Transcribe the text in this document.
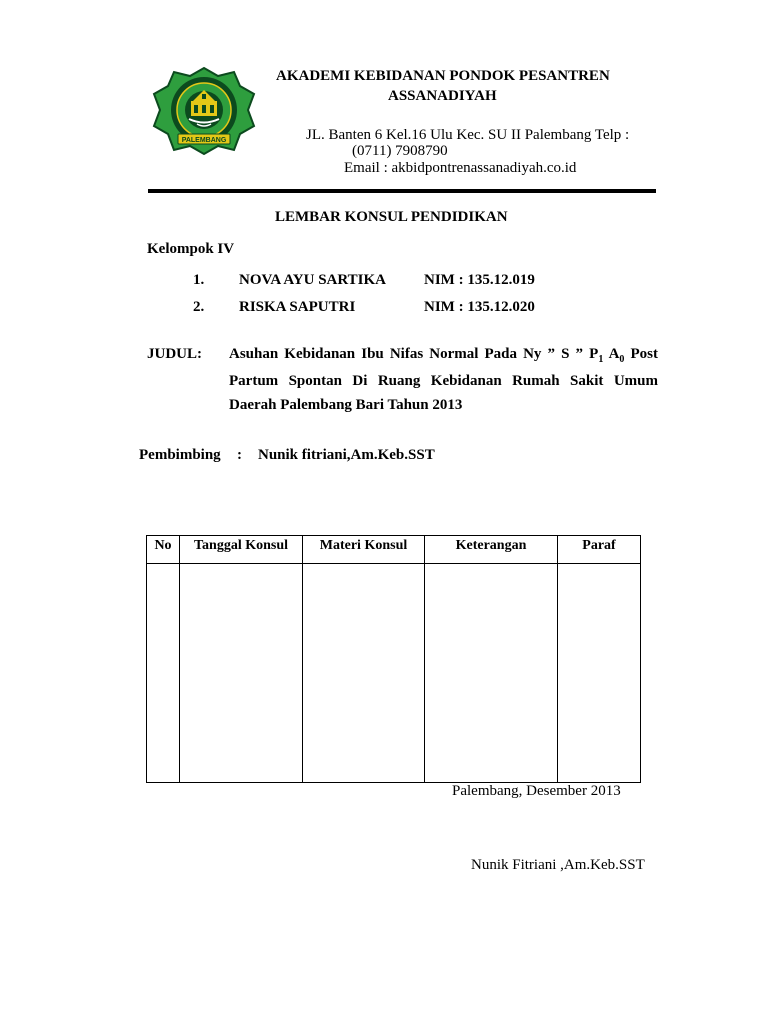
PALEMBANG
AKADEMI KEBIDANAN PONDOK PESANTREN
ASSANADIYAH
JL. Banten 6 Kel.16 Ulu Kec. SU II Palembang Telp :
(0711) 7908790
Email : akbidpontrenassanadiyah.co.id
LEMBAR KONSUL PENDIDIKAN
Kelompok IV
1. NOVA AYU SARTIKA	NIM : 135.12.019
2. RISKA SAPUTRI	NIM : 135.12.020
JUDUL: Asuhan Kebidanan Ibu Nifas Normal Pada Ny ” S ” $P_1$ $A_0$ Post
Partum Spontan Di Ruang Kebidanan Rumah Sakit Umum
Daerah Palembang Bari Tahun 2013
Pembimbing : Nunik fitriani,Am.Keb.SST
No	Tanggal Konsul	Materi Konsul	Keterangan	Paraf

Palembang, Desember 2013
Nunik Fitriani ,Am.Keb.SST
